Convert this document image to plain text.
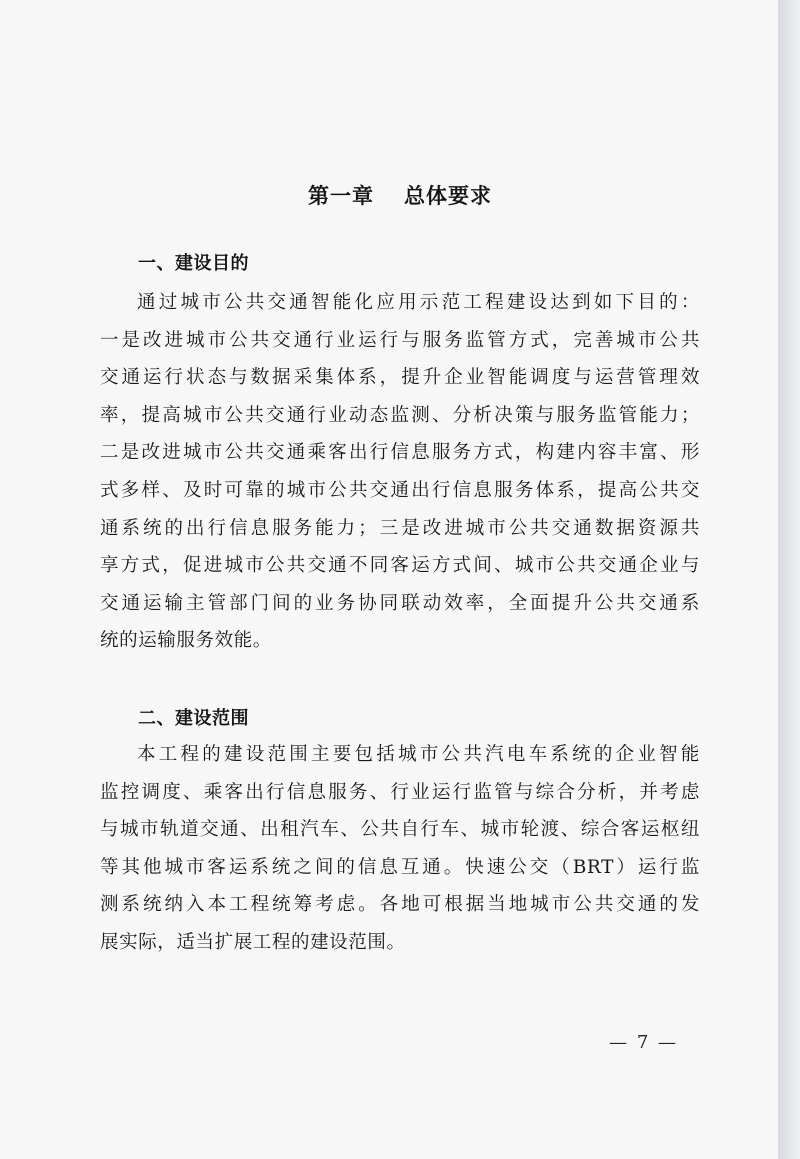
第一章 总体要求
一、建设目的
通过城市公共交通智能化应用示范工程建设达到如下目的：
一是改进城市公共交通行业运行与服务监管方式，完善城市公共
交通运行状态与数据采集体系，提升企业智能调度与运营管理效
率，提高城市公共交通行业动态监测、分析决策与服务监管能力；
二是改进城市公共交通乘客出行信息服务方式，构建内容丰富、形
式多样、及时可靠的城市公共交通出行信息服务体系，提高公共交
通系统的出行信息服务能力；三是改进城市公共交通数据资源共
享方式，促进城市公共交通不同客运方式间、城市公共交通企业与
交通运输主管部门间的业务协同联动效率，全面提升公共交通系
统的运输服务效能。
二、建设范围
本工程的建设范围主要包括城市公共汽电车系统的企业智能
监控调度、乘客出行信息服务、行业运行监管与综合分析，并考虑
与城市轨道交通、出租汽车、公共自行车、城市轮渡、综合客运枢纽
等其他城市客运系统之间的信息互通。快速公交（BRT）运行监
测系统纳入本工程统筹考虑。各地可根据当地城市公共交通的发
展实际，适当扩展工程的建设范围。
— 7 —
